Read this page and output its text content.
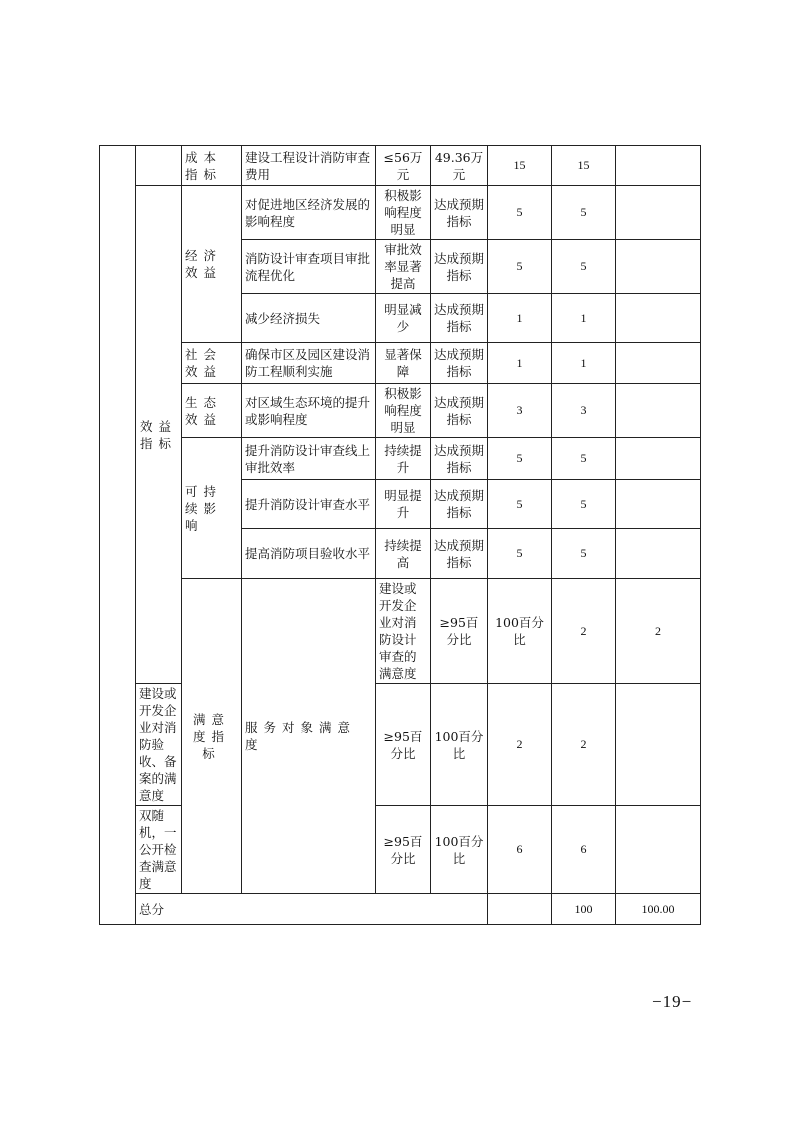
		成本指标	建设工程设计消防审查费用	≤56万元	49.36万元	15	15		
	效益指标	经济效益	对促进地区经济发展的影响程度	积极影响程度明显	达成预期指标	5	5		
			消防设计审查项目审批流程优化	审批效率显著提高	达成预期指标	5	5		
			减少经济损失	明显减少	达成预期指标	1	1		
		社会效益	确保市区及园区建设消防工程顺利实施	显著保障	达成预期指标	1	1		
		生态效益	对区域生态环境的提升或影响程度	积极影响程度明显	达成预期指标	3	3		
		可持续影响	提升消防设计审查线上审批效率	持续提升	达成预期指标	5	5		
			提升消防设计审查水平	明显提升	达成预期指标	5	5		
			提高消防项目验收水平	持续提高	达成预期指标	5	5		
		满意度指标	服务对象满意度	建设或开发企业对消防设计审查的满意度	≥95百分比	100百分比	2	2	
	建设或开发企业对消防验收、备案的满意度			≥95百分比	100百分比	2	2		
	双随机，一公开检查满意度			≥95百分比	100百分比	6	6		
	总分						100	100.00	
−19−
